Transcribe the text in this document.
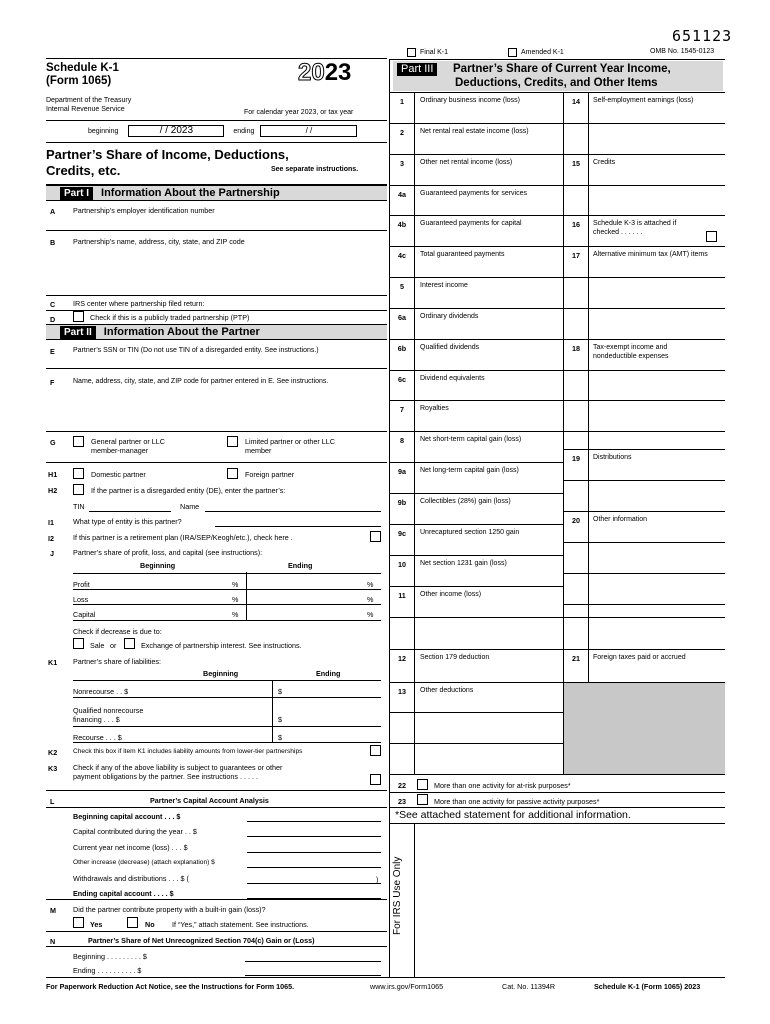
651123
Final K-1	Amended K-1	OMB No. 1545-0123
Schedule K-1
(Form 1065)
Department of the Treasury
Internal Revenue Service
2023
For calendar year 2023, or tax year
beginning	/ / 2023	ending	/ /
Partner’s Share of Income, Deductions,
Credits, etc.	See separate instructions.
Part I	Information About the Partnership
A Partnership’s employer identification number
B Partnership’s name, address, city, state, and ZIP code
C IRS center where partnership filed return:
D	Check if this is a publicly traded partnership (PTP)
Part II	Information About the Partner
E	Partner’s SSN or TIN (Do not use TIN of a disregarded entity. See instructions.)
F	Name, address, city, state, and ZIP code for partner entered in E. See instructions.
G	General partner or LLC
member-manager
Limited partner or other LLC
member
H1	Domestic partner	Foreign partner
H2	If the partner is a disregarded entity (DE), enter the partner’s:
TIN	Name
I1	What type of entity is this partner?
I2	If this partner is a retirement plan (IRA/SEP/Keogh/etc.), check here .
J	Partner’s share of profit, loss, and capital (see instructions):
Beginning	Ending
Profit	%	%
Loss	%	%
Capital	%	%
Check if decrease is due to:
Sale or	Exchange of partnership interest. See instructions.
K1 Partner’s share of liabilities:
Beginning	Ending
Nonrecourse . . $	$
Qualified nonrecourse
financing . . . $	$
Recourse . . . $	$
K2 Check this box if item K1 includes liability amounts from lower-tier partnerships
K3 Check if any of the above liability is subject to guarantees or other
payment obligations by the partner. See instructions . . . . .
L	Partner’s Capital Account Analysis
Beginning capital account . . . $
Capital contributed during the year . . $
Current year net income (loss) . . . $
Other increase (decrease) (attach explanation) $
Withdrawals and distributions . . . $ (
Ending capital account . . . . $
)
M Did the partner contribute property with a built-in gain (loss)?
Yes	No If “Yes,” attach statement. See instructions.
N	Partner’s Share of Net Unrecognized Section 704(c) Gain or (Loss)
Beginning . . . . . . . . . $
Ending . . . . . . . . . . $
Part III	Partner’s Share of Current Year Income,
Deductions, Credits, and Other Items
1	Ordinary business income (loss)
2	Net rental real estate income (loss)
3	Other net rental income (loss)
4a	Guaranteed payments for services
4b	Guaranteed payments for capital
4c	Total guaranteed payments
5	Interest income
6a	Ordinary dividends
6b	Qualified dividends
6c	Dividend equivalents
7	Royalties
8	Net short-term capital gain (loss)
9a	Net long-term capital gain (loss)
9b	Collectibles (28%) gain (loss)
9c	Unrecaptured section 1250 gain
10	Net section 1231 gain (loss)
11	Other income (loss)
12	Section 179 deduction
13	Other deductions
14	Self-employment earnings (loss)
15	Credits
16	Schedule K-3 is attached if
checked . . . . . .
17	Alternative minimum tax (AMT) items
18	Tax-exempt income and
nondeductible expenses
19	Distributions
20	Other information
21	Foreign taxes paid or accrued
22	More than one activity for at-risk purposes*
23	More than one activity for passive activity purposes*
*See attached statement for additional information.
For IRS Use Only
For Paperwork Reduction Act Notice, see the Instructions for Form 1065.	www.irs.gov/Form1065	Cat. No. 11394R	Schedule K-1 (Form 1065) 2023
